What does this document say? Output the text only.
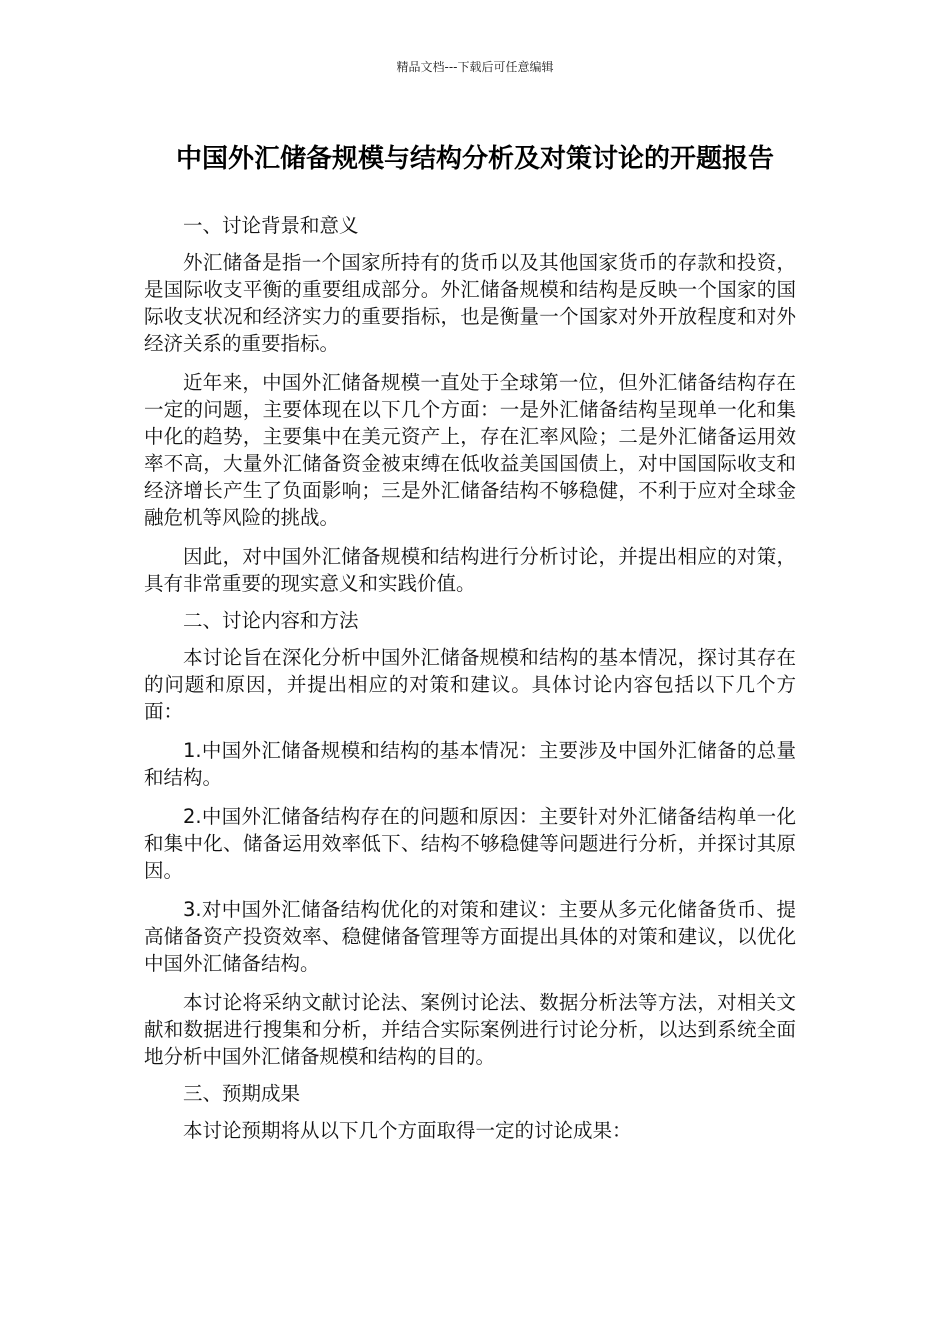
精品文档---下载后可任意编辑
中国外汇储备规模与结构分析及对策讨论的开题报告

一、讨论背景和意义

外汇储备是指一个国家所持有的货币以及其他国家货币的存款和投资，是国际收支平衡的重要组成部分。外汇储备规模和结构是反映一个国家的国际收支状况和经济实力的重要指标，也是衡量一个国家对外开放程度和对外经济关系的重要指标。

近年来，中国外汇储备规模一直处于全球第一位，但外汇储备结构存在一定的问题，主要体现在以下几个方面：一是外汇储备结构呈现单一化和集中化的趋势，主要集中在美元资产上，存在汇率风险；二是外汇储备运用效率不高，大量外汇储备资金被束缚在低收益美国国债上，对中国国际收支和经济增长产生了负面影响；三是外汇储备结构不够稳健，不利于应对全球金融危机等风险的挑战。

因此，对中国外汇储备规模和结构进行分析讨论，并提出相应的对策，具有非常重要的现实意义和实践价值。

二、讨论内容和方法

本讨论旨在深化分析中国外汇储备规模和结构的基本情况，探讨其存在的问题和原因，并提出相应的对策和建议。具体讨论内容包括以下几个方面：

1.中国外汇储备规模和结构的基本情况：主要涉及中国外汇储备的总量和结构。

2.中国外汇储备结构存在的问题和原因：主要针对外汇储备结构单一化和集中化、储备运用效率低下、结构不够稳健等问题进行分析，并探讨其原因。

3.对中国外汇储备结构优化的对策和建议：主要从多元化储备货币、提高储备资产投资效率、稳健储备管理等方面提出具体的对策和建议，以优化中国外汇储备结构。

本讨论将采纳文献讨论法、案例讨论法、数据分析法等方法，对相关文献和数据进行搜集和分析，并结合实际案例进行讨论分析，以达到系统全面地分析中国外汇储备规模和结构的目的。

三、预期成果

本讨论预期将从以下几个方面取得一定的讨论成果：
